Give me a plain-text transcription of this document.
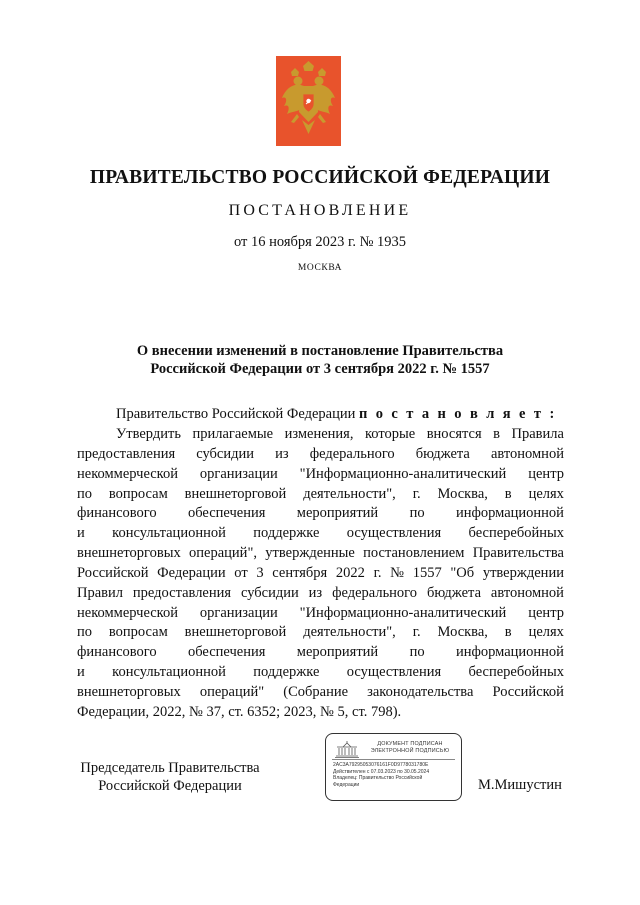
ПРАВИТЕЛЬСТВО РОССИЙСКОЙ ФЕДЕРАЦИИ
ПОСТАНОВЛЕНИЕ
от 16 ноября 2023 г. № 1935
МОСКВА
О внесении изменений в постановление Правительства
Российской Федерации от 3 сентября 2022 г. № 1557
Правительство Российской Федерации п о с т а н о в л я е т :
Утвердить прилагаемые изменения, которые вносятся в Правила
предоставления субсидии из федерального бюджета автономной
некоммерческой организации "Информационно-аналитический центр
по вопросам внешнеторговой деятельности", г. Москва, в целях
финансового обеспечения мероприятий по информационной
и консультационной поддержке осуществления бесперебойных
внешнеторговых операций", утвержденные постановлением Правительства
Российской Федерации от 3 сентября 2022 г. № 1557 "Об утверждении
Правил предоставления субсидии из федерального бюджета автономной
некоммерческой организации "Информационно-аналитический центр
по вопросам внешнеторговой деятельности", г. Москва, в целях
финансового обеспечения мероприятий по информационной
и консультационной поддержке осуществления бесперебойных
внешнеторговых операций" (Собрание законодательства Российской
Федерации, 2022, № 37, ст. 6352; 2023, № 5, ст. 798).
Председатель Правительства
Российской Федерации
ДОКУМЕНТ ПОДПИСАН
ЭЛЕКТРОННОЙ ПОДПИСЬЮ
2AC3A79295053076161F0D9778031780E
Действителен с 07.03.2023 по 30.05.2024
Владелец: Правительство Российской
Федерации	М.Мишустин
